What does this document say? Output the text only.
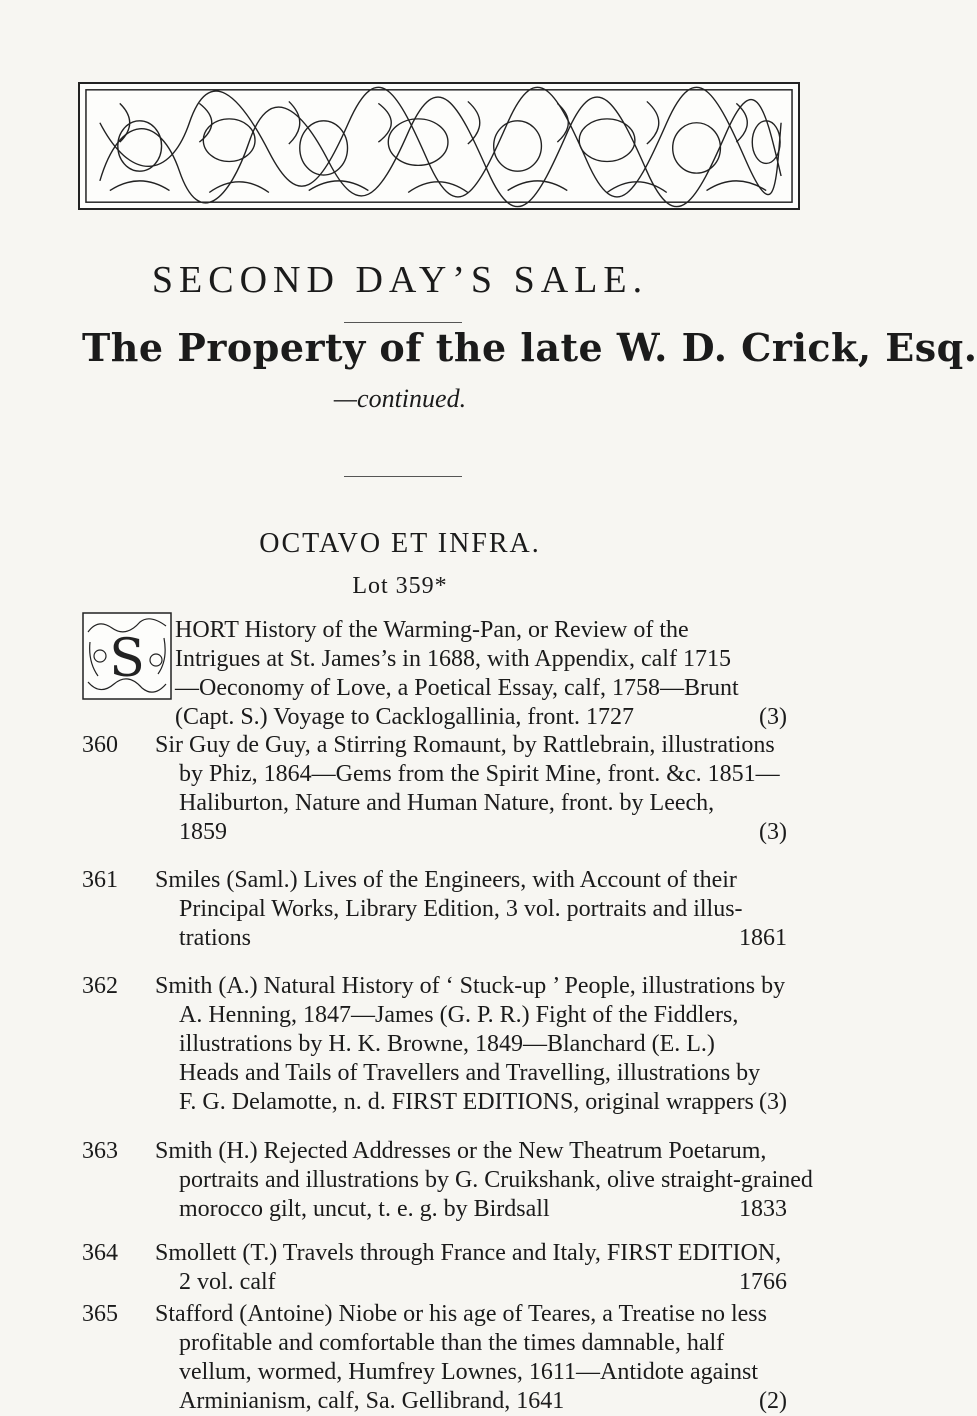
SECOND DAY’S SALE.
The Property of the late W. D. Crick, Esq.
—continued.
OCTAVO ET INFRA.
Lot 359*
S HORT History of the Warming-Pan, or Review of the
Intrigues at St. James’s in 1688, with Appendix, calf 1715
—Oeconomy of Love, a Poetical Essay, calf, 1758—Brunt
(Capt. S.) Voyage to Cacklogallinia, front. 1727	(3)
360	Sir Guy de Guy, a Stirring Romaunt, by Rattlebrain, illustrations
by Phiz, 1864—Gems from the Spirit Mine, front. &c. 1851—
Haliburton, Nature and Human Nature, front. by Leech,
1859	(3)
361	Smiles (Saml.) Lives of the Engineers, with Account of their
Principal Works, Library Edition, 3 vol. portraits and illus-
trations	1861
362	Smith (A.) Natural History of ‘ Stuck-up ’ People, illustrations by
A. Henning, 1847—James (G. P. R.) Fight of the Fiddlers,
illustrations by H. K. Browne, 1849—Blanchard (E. L.)
Heads and Tails of Travellers and Travelling, illustrations by
F. G. Delamotte, n. d. FIRST EDITIONS, original wrappers (3)
363	Smith (H.) Rejected Addresses or the New Theatrum Poetarum,
portraits and illustrations by G. Cruikshank, olive straight-grained
morocco gilt, uncut, t. e. g. by Birdsall	1833
364	Smollett (T.) Travels through France and Italy, FIRST EDITION,
2 vol. calf	1766
365	Stafford (Antoine) Niobe or his age of Teares, a Treatise no less
profitable and comfortable than the times damnable, half
vellum, wormed, Humfrey Lownes, 1611—Antidote against
Arminianism, calf, Sa. Gellibrand, 1641	(2)
